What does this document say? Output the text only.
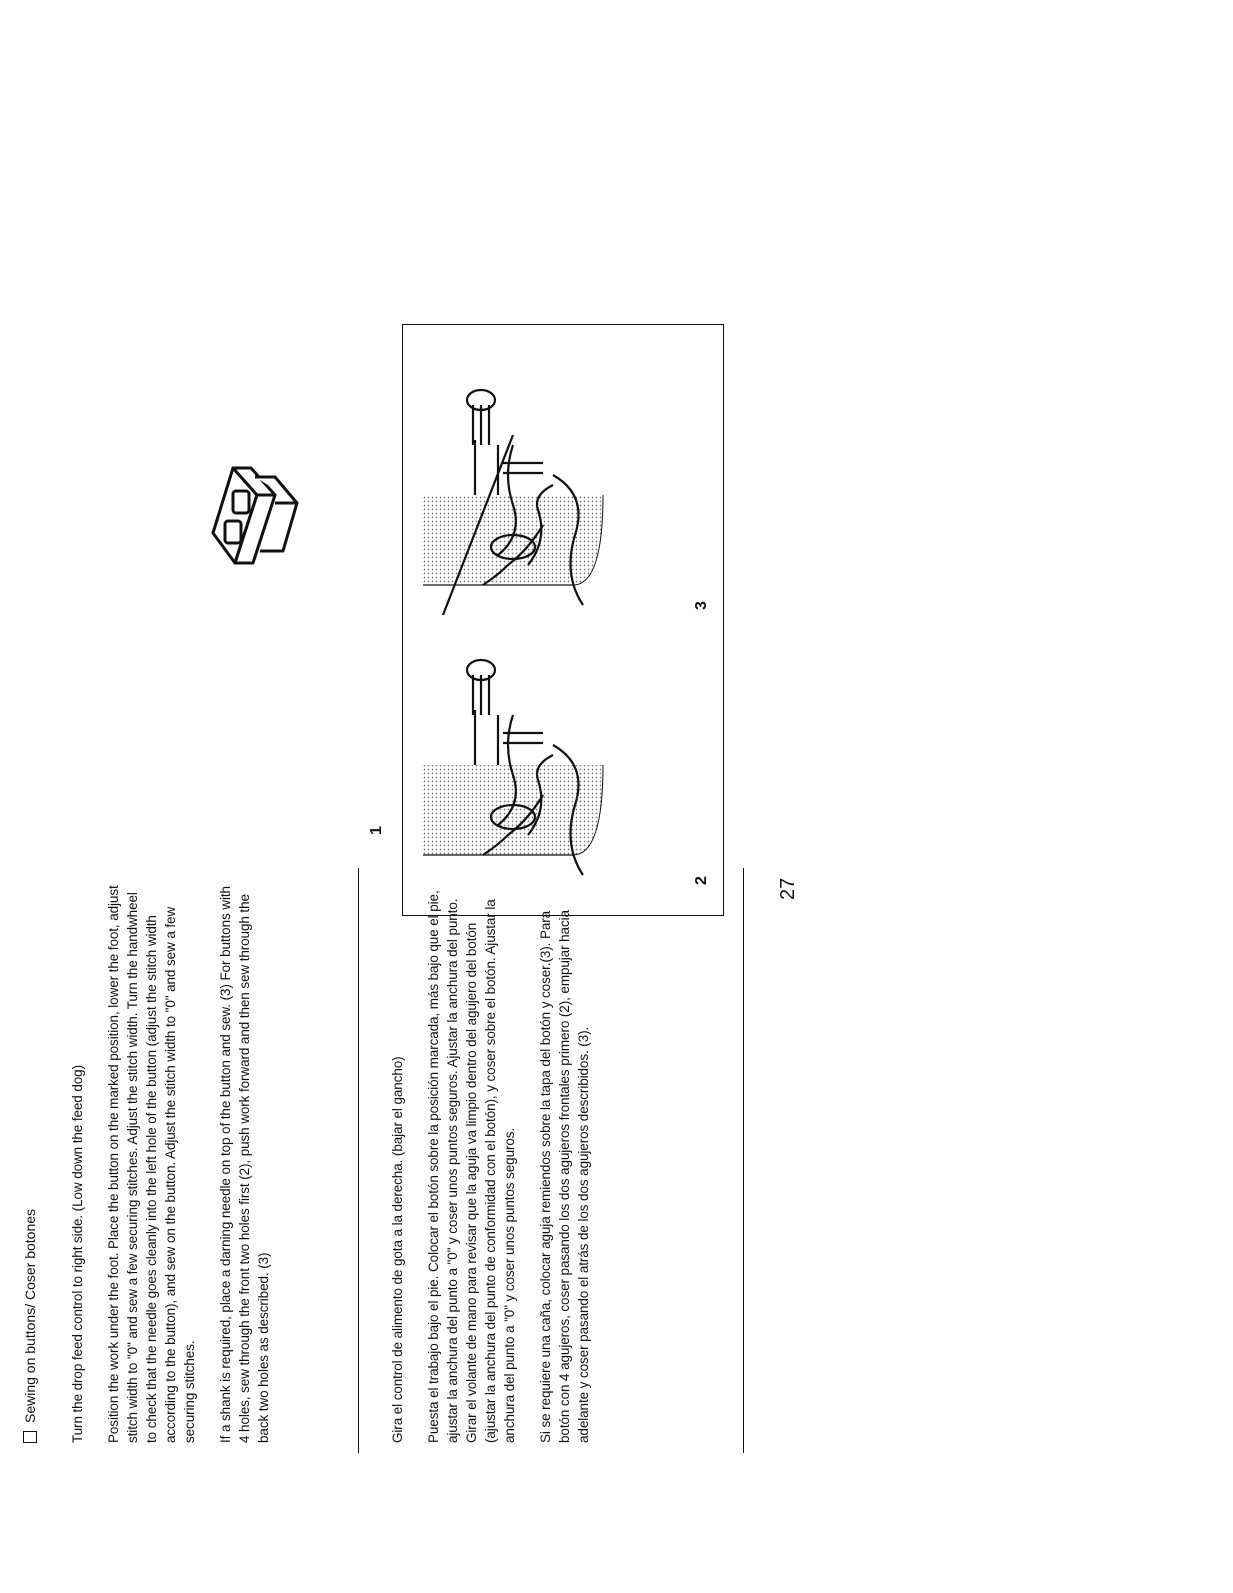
Sewing on buttons/ Coser botones Turn the drop feed control to right side. (Low down the feed dog) Position the work under the foot. Place the button on the marked position, lower the foot, adjust stitch width to "0" and sew a few securing stitches. Adjust the stitch width. Turn the handwheel to check that the needle goes cleanly into the left hole of the button (adjust the stitch width according to the button), and sew on the button. Adjust the stitch width to "0" and sew a few securing stitches. If a shank is required, place a darning needle on top of the button and sew. (3) For buttons with 4 holes, sew through the front two holes first (2), push work forward and then sew through the back two holes as described. (3)	Gira el control de alimento de gota a la derecha. (bajar el gancho) Puesta el trabajo bajo el pie. Colocar el botón sobre la posición marcada, más bajo que el pie, ajustar la anchura del punto a "0" y coser unos puntos seguros. Ajustar la anchura del punto. Girar el volante de mano para revisar que la aguja va limpio dentro del agujero del botón (ajustar la anchura del punto de conformidad con el botón), y coser sobre el botón. Ajustar la anchura del punto a "0" y coser unos puntos seguros. Si se requiere una caña, colocar aguja remiendos sobre la tapa del botón y coser.(3). Para botón con 4 agujeros, coser pasando los dos agujeros frontales primero (2), empujar hacia adelante y coser pasando el atrás de los dos agujeros describidos. (3).

1
2
3
27
